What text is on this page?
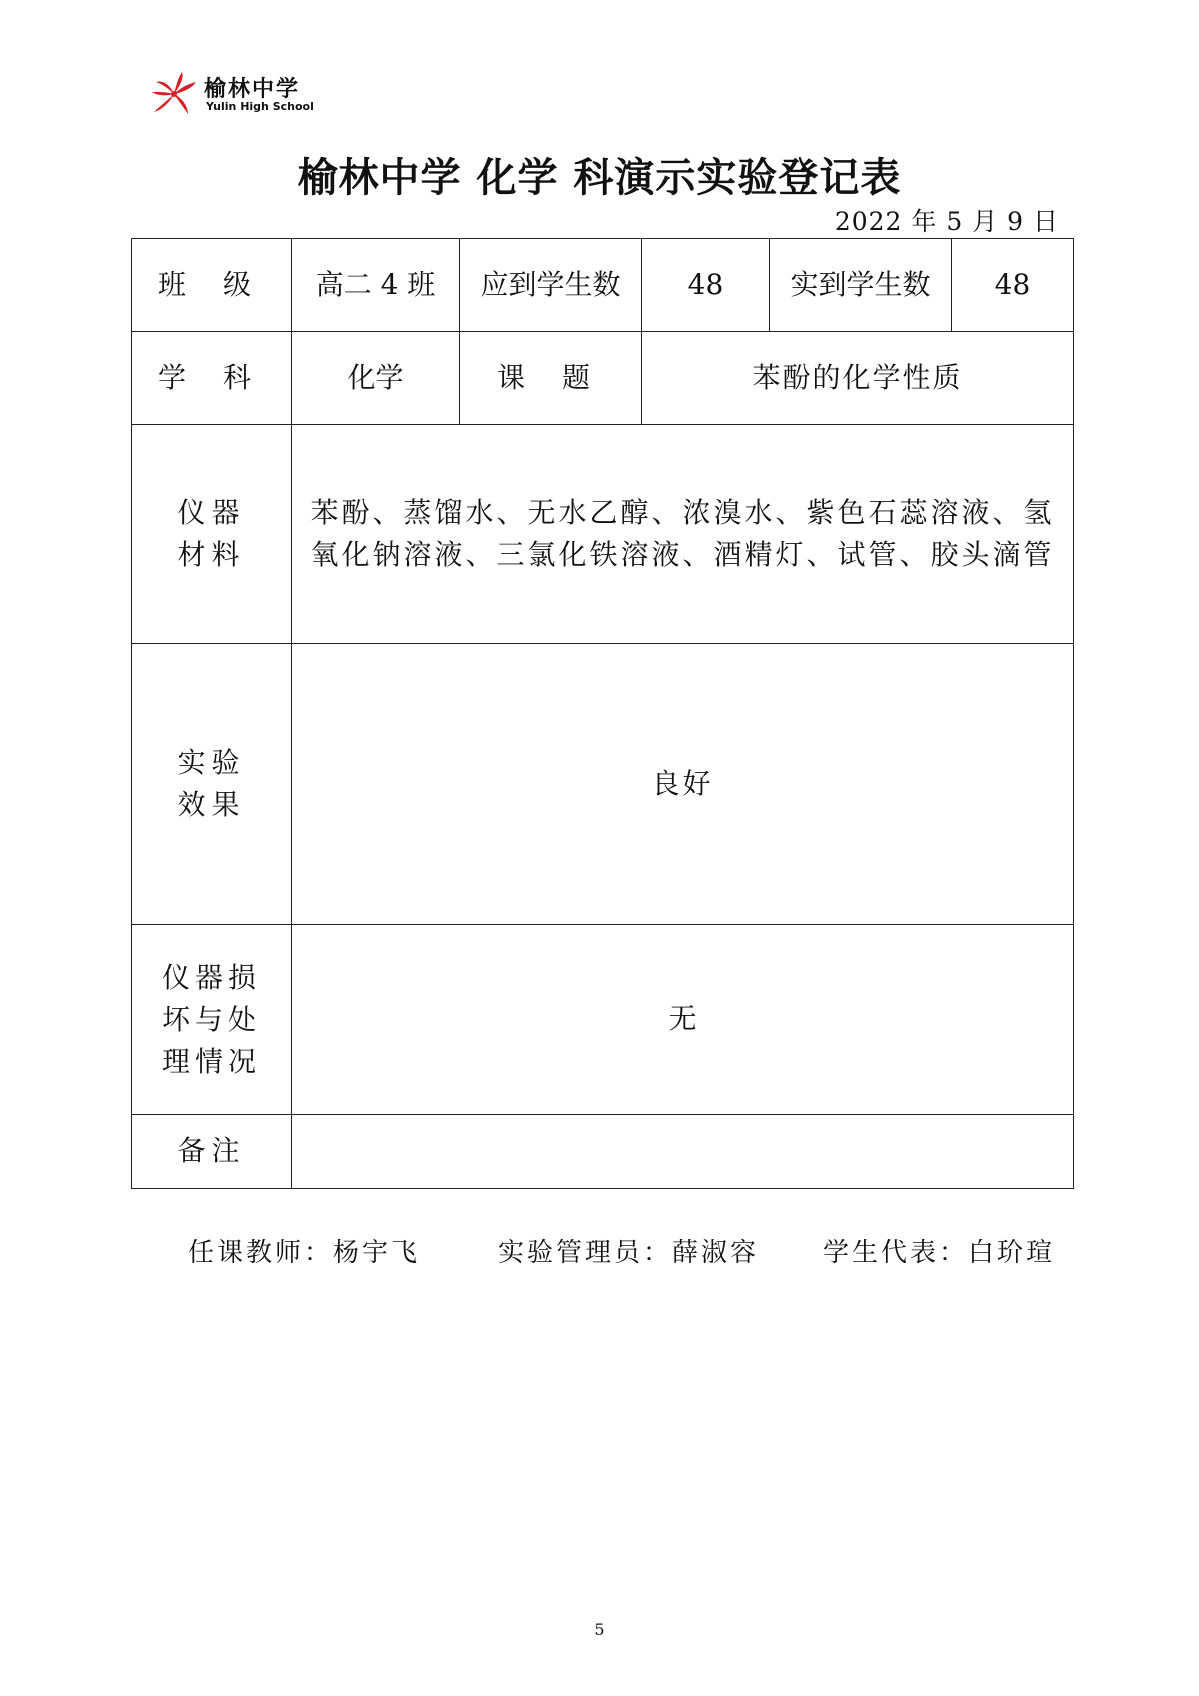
榆林中学
Yulin High School
榆林中学 化学 科演示实验登记表
2022 年 5 月 9 日
班 级	高二 4 班	应到学生数	48	实到学生数	48
学 科	化学	课 题	苯酚的化学性质		
仪器
材料	苯酚、蒸馏水、无水乙醇、浓溴水、紫色石蕊溶液、氢氧化钠溶液、三氯化铁溶液、酒精灯、试管、胶头滴管				
实验
效果	良好				
仪器损
坏与处
理情况	无				
备注					
任课教师：杨宇飞	实验管理员：薛淑容 学生代表：白玠瑄
5
